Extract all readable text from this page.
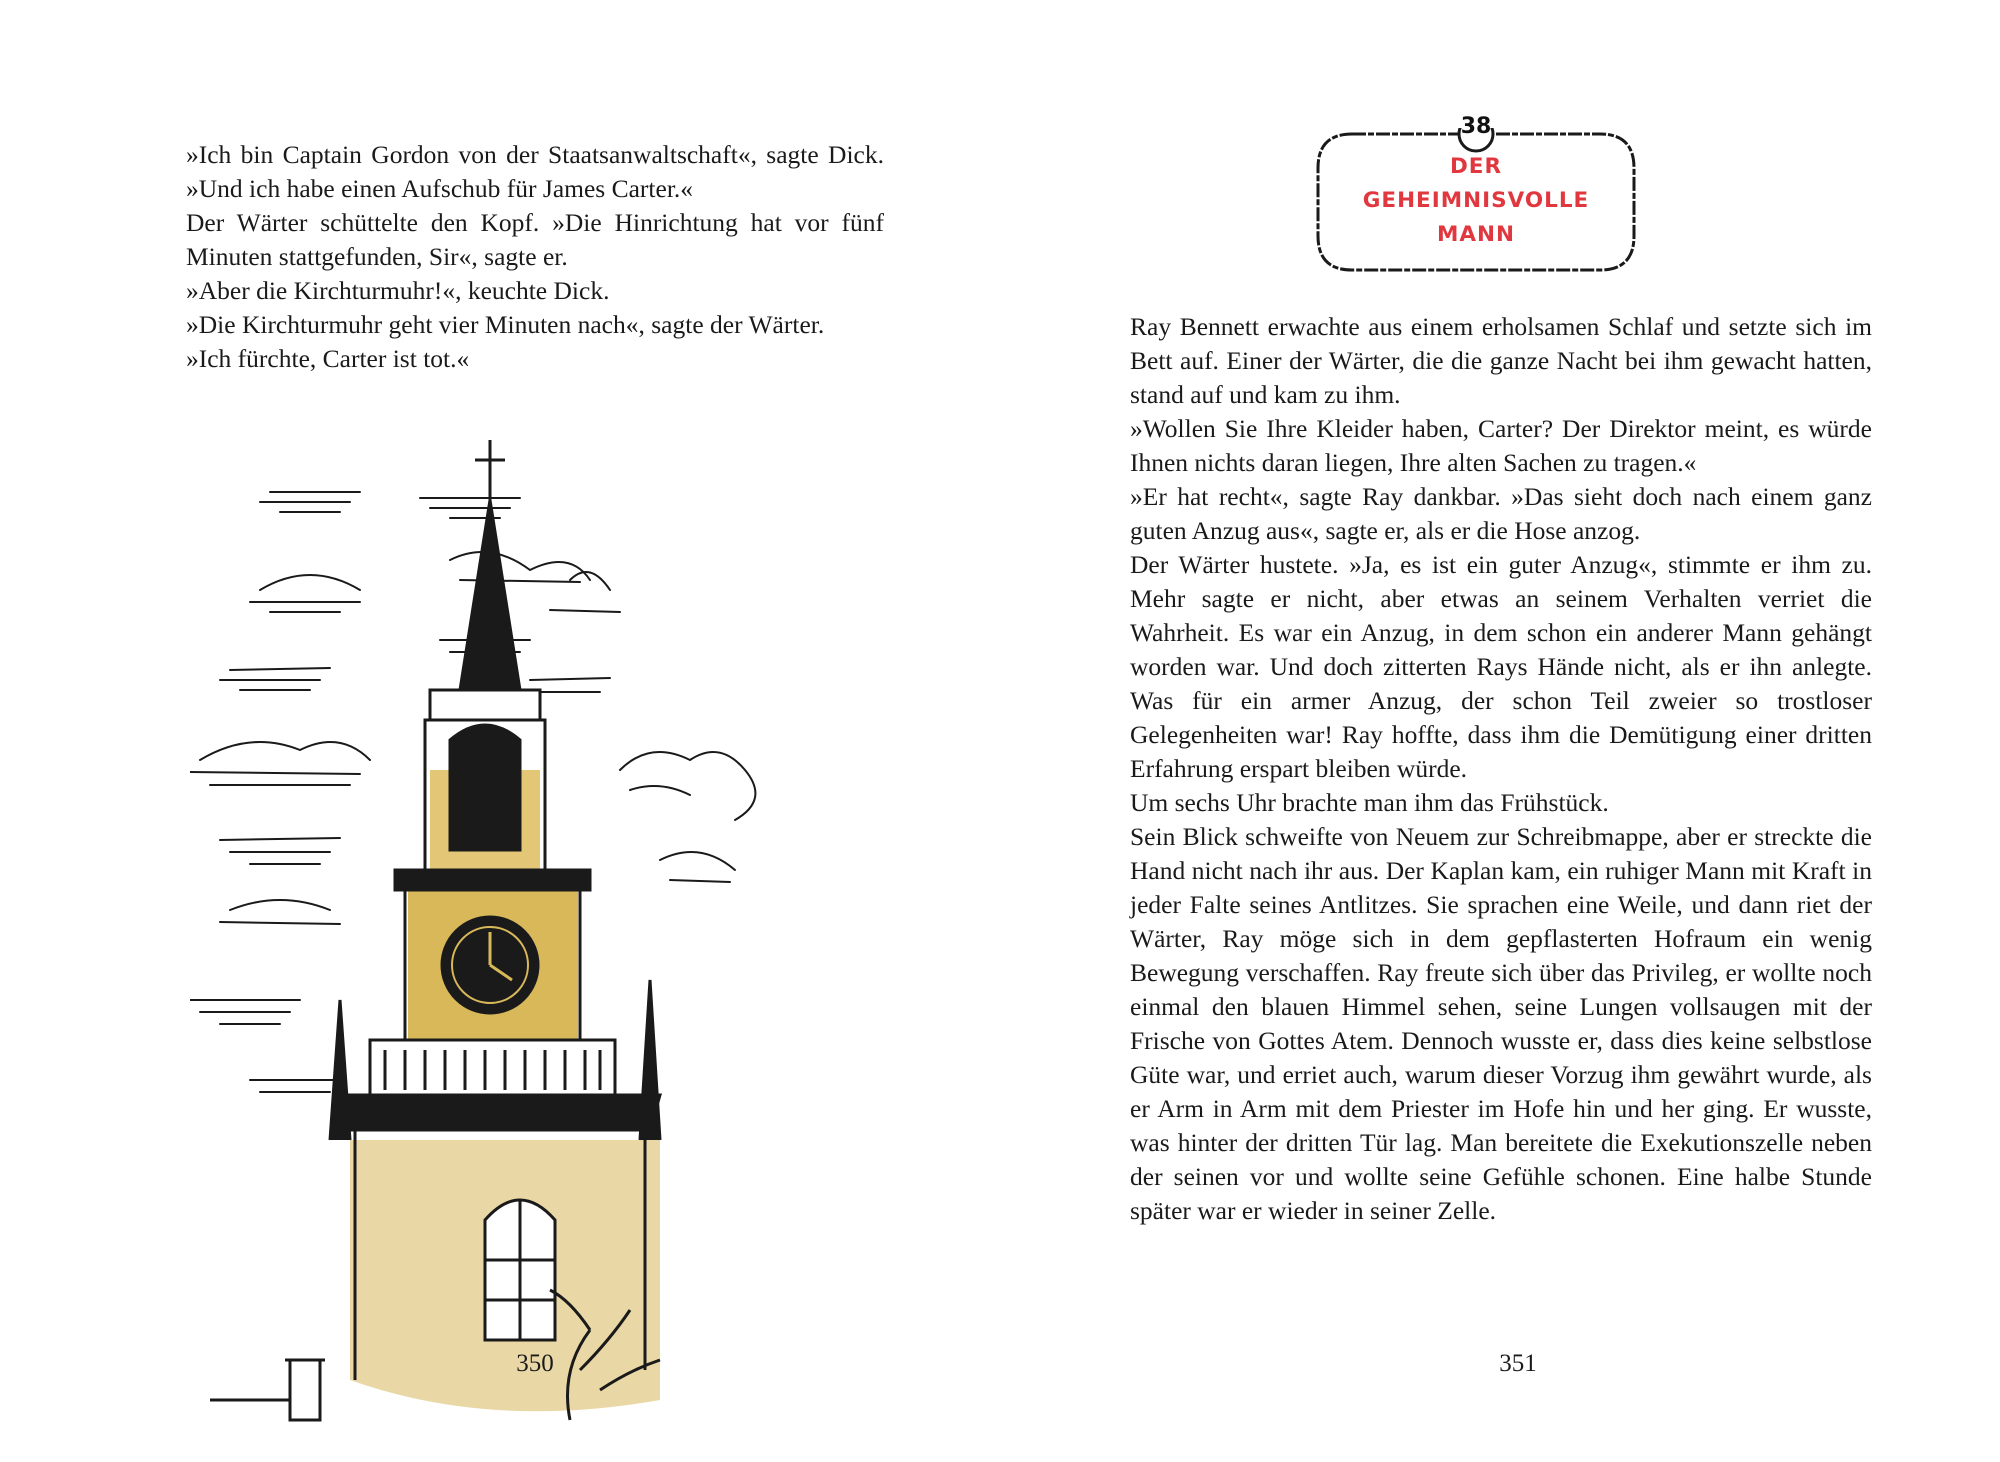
»Ich bin Captain Gordon von der Staatsanwaltschaft«, sagte Dick. »Und ich habe einen Aufschub für James Carter.«

Der Wärter schüttelte den Kopf. »Die Hinrichtung hat vor fünf Minuten stattgefunden, Sir«, sagte er.

»Aber die Kirchturmuhr!«, keuchte Dick.

»Die Kirchturmuhr geht vier Minuten nach«, sagte der Wärter.

»Ich fürchte, Carter ist tot.«

350
38
DER
GEHEIMNISVOLLE
MANN

Ray Bennett erwachte aus einem erholsamen Schlaf und setzte sich im Bett auf. Einer der Wärter, die die ganze Nacht bei ihm gewacht hatten, stand auf und kam zu ihm.

»Wollen Sie Ihre Kleider haben, Carter? Der Direktor meint, es würde Ihnen nichts daran liegen, Ihre alten Sachen zu tragen.«

»Er hat recht«, sagte Ray dankbar. »Das sieht doch nach einem ganz guten Anzug aus«, sagte er, als er die Hose anzog.

Der Wärter hustete. »Ja, es ist ein guter Anzug«, stimmte er ihm zu. Mehr sagte er nicht, aber etwas an seinem Verhalten verriet die Wahrheit. Es war ein Anzug, in dem schon ein anderer Mann gehängt worden war. Und doch zitterten Rays Hände nicht, als er ihn anlegte. Was für ein armer Anzug, der schon Teil zweier so trostloser Gelegenheiten war! Ray hoffte, dass ihm die Demütigung einer dritten Erfahrung erspart bleiben würde.

Um sechs Uhr brachte man ihm das Frühstück.

Sein Blick schweifte von Neuem zur Schreibmappe, aber er streckte die Hand nicht nach ihr aus. Der Kaplan kam, ein ruhiger Mann mit Kraft in jeder Falte seines Antlitzes. Sie sprachen eine Weile, und dann riet der Wärter, Ray möge sich in dem gepflasterten Hofraum ein wenig Bewegung verschaffen. Ray freute sich über das Privileg, er wollte noch einmal den blauen Himmel sehen, seine Lungen vollsaugen mit der Frische von Gottes Atem. Dennoch wusste er, dass dies keine selbstlose Güte war, und erriet auch, warum dieser Vorzug ihm gewährt wurde, als er Arm in Arm mit dem Priester im Hofe hin und her ging. Er wusste, was hinter der dritten Tür lag. Man bereitete die Exekutionszelle neben der seinen vor und wollte seine Gefühle schonen. Eine halbe Stunde später war er wieder in seiner Zelle.

351
